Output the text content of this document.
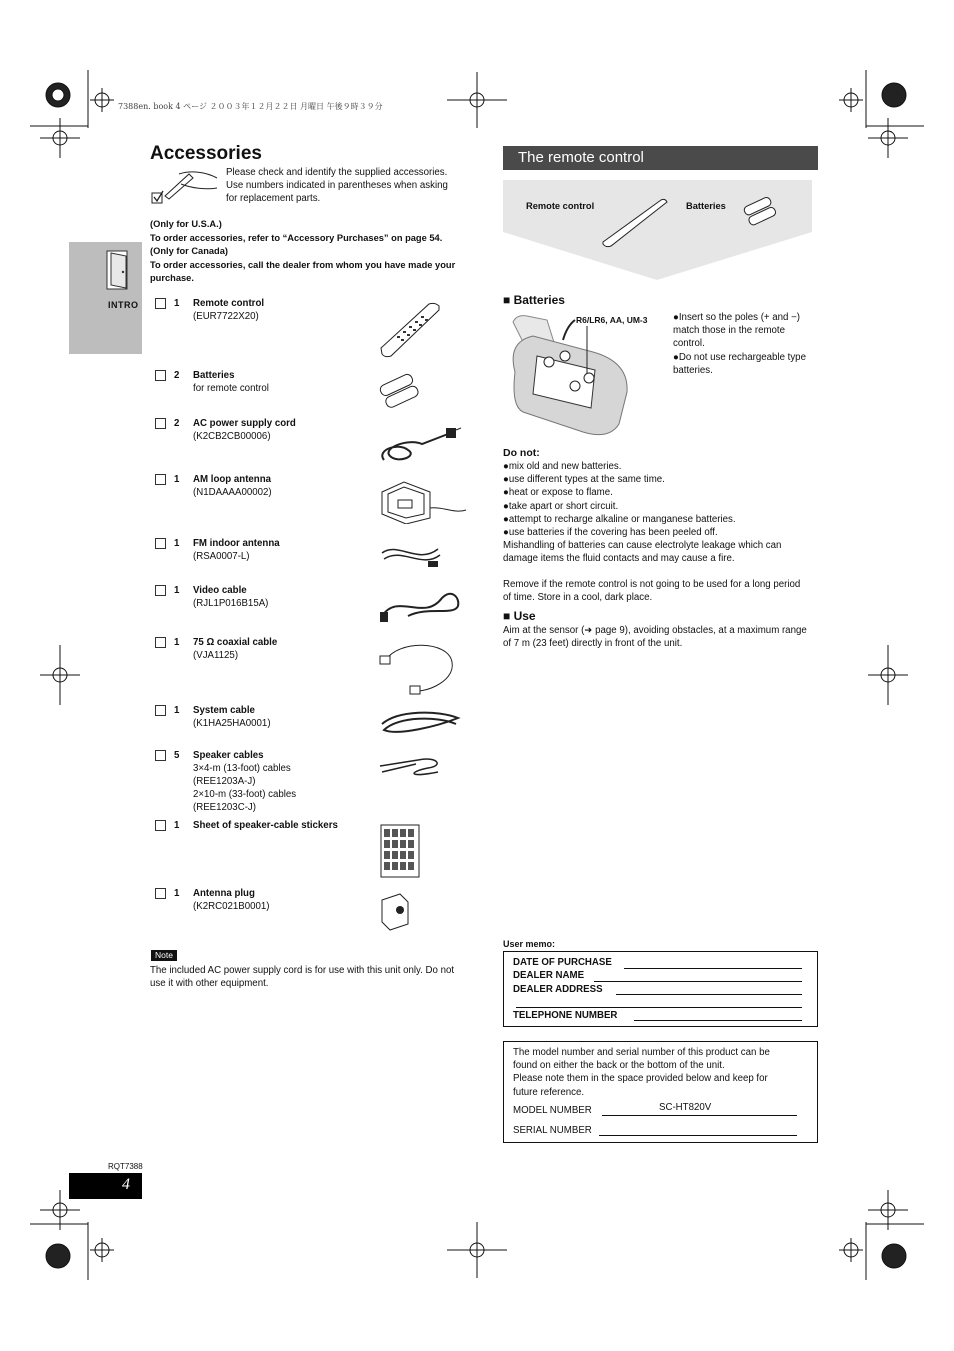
7388en. book 4 ページ ２００３年１２月２２日 月曜日 午後９時３９分
INTRO
Accessories
Please check and identify the supplied accessories.
Use numbers indicated in parentheses when asking
for replacement parts.
(Only for U.S.A.)
To order accessories, refer to “Accessory Purchases” on page 54.
(Only for Canada)
To order accessories, call the dealer from whom you have made your purchase.
1 Remote control
(EUR7722X20)
2 Batteries
for remote control
2 AC power supply cord
(K2CB2CB00006)
1 AM loop antenna
(N1DAAAA00002)
1 FM indoor antenna
(RSA0007-L)
1 Video cable
(RJL1P016B15A)
1 75 Ω coaxial cable
(VJA1125)
1 System cable
(K1HA25HA0001)
5 Speaker cables
3×4-m (13-foot) cables
(REE1203A-J)
2×10-m (33-foot) cables
(REE1203C-J)
1 Sheet of speaker-cable stickers
1 Antenna plug
(K2RC021B0001)
Note
The included AC power supply cord is for use with this unit only. Do not use it with other equipment.
The remote control
Remote control	Batteries
■ Batteries
R6/LR6, AA, UM-3	●Insert so the poles (+ and −) match those in the remote control.
●Do not use rechargeable type batteries.
Do not:
●mix old and new batteries.
●use different types at the same time.
●heat or expose to flame.
●take apart or short circuit.
●attempt to recharge alkaline or manganese batteries.
●use batteries if the covering has been peeled off.
Mishandling of batteries can cause electrolyte leakage which can damage items the fluid contacts and may cause a fire.
Remove if the remote control is not going to be used for a long period of time. Store in a cool, dark place.
■ Use
Aim at the sensor (➜ page 9), avoiding obstacles, at a maximum range of 7 m (23 feet) directly in front of the unit.
User memo:
DATE OF PURCHASE
DEALER NAME
DEALER ADDRESS
TELEPHONE NUMBER
The model number and serial number of this product can be
found on either the back or the bottom of the unit.
Please note them in the space provided below and keep for
future reference.
MODEL NUMBER	SC-HT820V
SERIAL NUMBER
RQT7388
4
